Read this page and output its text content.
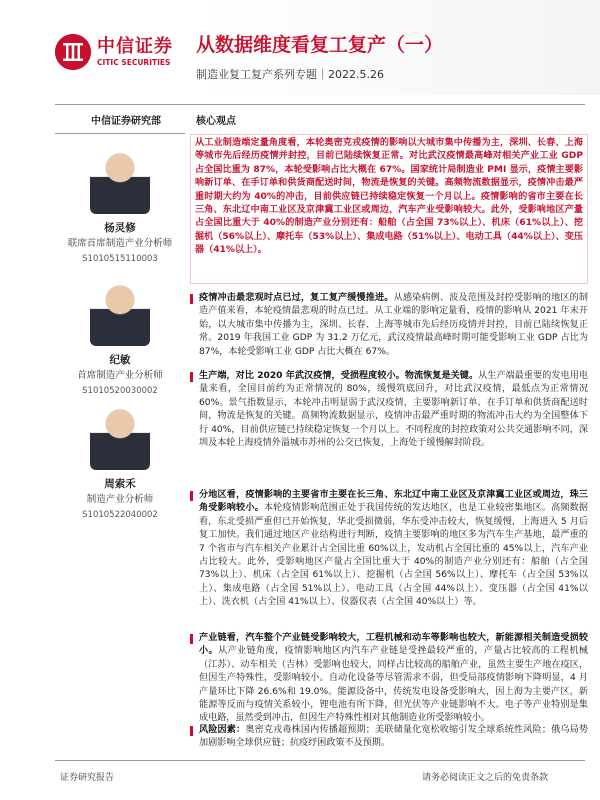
中信证券
CITIC SECURITIES
从数据维度看复工复产（一）
制造业复工复产系列专题｜2022.5.26
中信证券研究部
杨灵修
联席首席制造产业分析师
S1010515110003
纪敏
首席制造产业分析师
S1010520030002
周索禾
制造产业分析师
S1010522040002
核心观点
从工业制造端定量角度看，本轮奥密克戎疫情的影响以大城市集中传播为主，深圳、长春、上海等城市先后经历疫情并封控，目前已陆续恢复正常。对比武汉疫情最高峰对相关产业工业 GDP 占全国比重为 87%，本轮受影响占比大概在 67%。国家统计局制造业 PMI 显示，疫情主要影响新订单、在手订单和供货商配送时间，物流是恢复的关键。高频物流数据显示，疫情冲击最严重时期大约为 40%的冲击，目前供应链已持续稳定恢复一个月以上。疫情影响的省市主要在长三角、东北辽中南工业区及京津冀工业区或周边，汽车产业受影响较大。此外，受影响地区产量占全国比重大于 40%的制造产业分别还有：船舶（占全国 73%以上）、机床（61%以上）、挖掘机（56%以上）、摩托车（53%以上）、集成电路（51%以上）、电动工具（44%以上）、变压器（41%以上）。
疫情冲击最悲观时点已过，复工复产缓慢推进。从感染病例、波及范围及封控受影响的地区的制造产值来看，本轮疫情最悲观的时点已过。从工业端的影响定量看，疫情的影响从 2021 年末开始，以大城市集中传播为主，深圳、长春、上海等城市先后经历疫情并封控，目前已陆续恢复正常。2019 年我国工业 GDP 为 31.2 万亿元，武汉疫情最高峰时期可能受影响工业 GDP 占比为 87%，本轮受影响工业 GDP 占比大概在 67%。
生产端，对比 2020 年武汉疫情，受损程度较小。物流恢复是关键。从生产端最重要的发电用电量来看，全国目前约为正常情况的 80%，缓慢筑底回升，对比武汉疫情，最低点为正常情况 60%。景气指数显示，本轮冲击明显弱于武汉疫情，主要影响新订单、在手订单和供货商配送时间，物流是恢复的关键。高频物流数据显示，疫情冲击最严重时期的物流冲击大约为全国整体下行 40%，目前供应链已持续稳定恢复一个月以上。不同程度的封控政策对公共交通影响不同，深圳及本轮上海疫情外溢城市苏州的公交已恢复，上海处于缓慢解封阶段。
分地区看，疫情影响的主要省市主要在长三角、东北辽中南工业区及京津冀工业区或周边，珠三角受影响较小。本轮疫情影响范围正处于我国传统的发达地区，也是工业较密集地区。高频数据看，东北受损严重但已开始恢复，华北受损微弱，华东受冲击较大，恢复缓慢，上海进入 5 月后复工加快。我们通过地区产业结构进行判断，疫情主要影响的地区多为汽车生产基地，最严重的 7 个省市与汽车相关产业累计占全国比重 60%以上，发动机占全国比重的 45%以上，汽车产业占比较大。此外，受影响地区产量占全国比重大于 40%的制造产业分别还有：船舶（占全国 73%以上）、机床（占全国 61%以上）、挖掘机（占全国 56%以上）、摩托车（占全国 53%以上）、集成电路（占全国 51%以上）、电动工具（占全国 44%以上）、变压器（占全国 41%以上）、洗衣机（占全国 41%以上）、仪器仪表（占全国 40%以上）等。
产业链看，汽车整个产业链受影响较大，工程机械和动车等影响也较大，新能源相关制造受损较小。从产业链角度，疫情影响地区内汽车产业链是受挫最较严重的，产量占比较高的工程机械（江苏）、动车相关（吉林）受影响也较大，同样占比较高的船舶产业，虽然主要生产地在疫区，但因生产特殊性，受影响较小。自动化设备等尽管需求不弱，但受局部疫情影响下降明显，4 月产量环比下降 26.6%和 19.0%。能源设备中，传统发电设备受影响大，因上海为主要产区，新能源等反而与疫情关系较小，锂电池有所下降，但光伏等产业链影响不大。电子等产业特别是集成电路，虽然受到冲击，但因生产特殊性相对其他制造业所受影响较小。
风险因素：奥密克戎毒株国内传播超预期；美联储量化宽松收缩引发全球系统性风险；俄乌局势加剧影响全球供应链；抗疫纾困政策不及预期。
证券研究报告	请务必阅读正文之后的免责条款
